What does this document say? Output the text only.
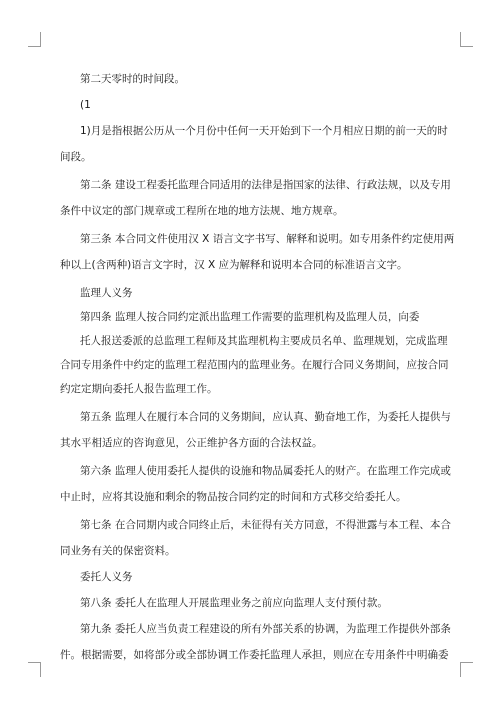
第二天零时的时间段。
(1
1)月是指根据公历从一个月份中任何一天开始到下一个月相应日期的前一天的时
间段。
第二条 建设工程委托监理合同适用的法律是指国家的法律、行政法规，以及专用
条件中议定的部门规章或工程所在地的地方法规、地方规章。
第三条 本合同文件使用汉 X 语言文字书写、解释和说明。如专用条件约定使用两
种以上(含两种)语言文字时，汉 X 应为解释和说明本合同的标准语言文字。
监理人义务
第四条 监理人按合同约定派出监理工作需要的监理机构及监理人员，向委
托人报送委派的总监理工程师及其监理机构主要成员名单、监理规划，完成监理
合同专用条件中约定的监理工程范围内的监理业务。在履行合同义务期间，应按合同
约定定期向委托人报告监理工作。
第五条 监理人在履行本合同的义务期间，应认真、勤奋地工作，为委托人提供与
其水平相适应的咨询意见，公正维护各方面的合法权益。
第六条 监理人使用委托人提供的设施和物品属委托人的财产。在监理工作完成或
中止时，应将其设施和剩余的物品按合同约定的时间和方式移交给委托人。
第七条 在合同期内或合同终止后，未征得有关方同意，不得泄露与本工程、本合
同业务有关的保密资料。
委托人义务
第八条 委托人在监理人开展监理业务之前应向监理人支付预付款。
第九条 委托人应当负责工程建设的所有外部关系的协调，为监理工作提供外部条
件。根据需要，如将部分或全部协调工作委托监理人承担，则应在专用条件中明确委
